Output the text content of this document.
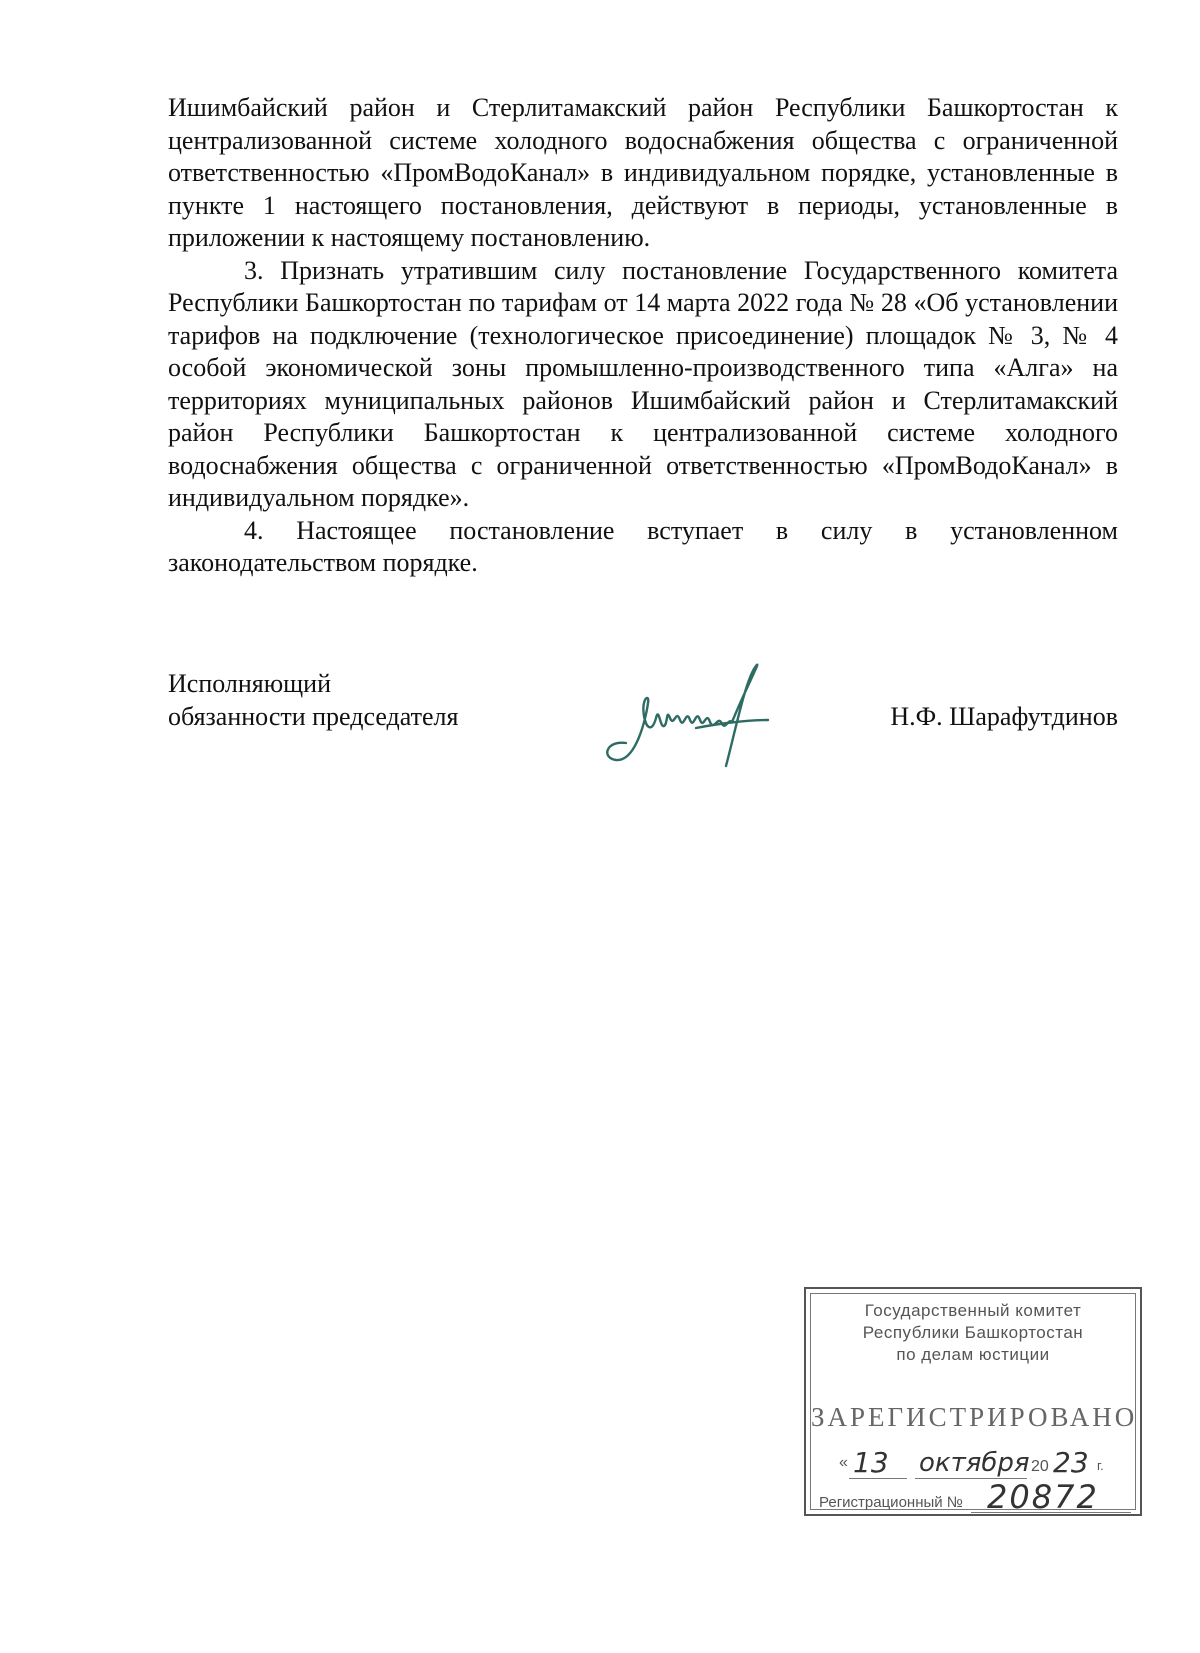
Ишимбайский район и Стерлитамакский район Республики Башкортостан к централизованной системе холодного водоснабжения общества с ограниченной ответственностью «ПромВодоКанал» в индивидуальном порядке, установленные в пункте 1 настоящего постановления, действуют в периоды, установленные в приложении к настоящему постановлению.

3. Признать утратившим силу постановление Государственного комитета Республики Башкортостан по тарифам от 14 марта 2022 года № 28 «Об установлении тарифов на подключение (технологическое присоединение) площадок № 3, № 4 особой экономической зоны промышленно-производственного типа «Алга» на территориях муниципальных районов Ишимбайский район и Стерлитамакский район Республики Башкортостан к централизованной системе холодного водоснабжения общества с ограниченной ответственностью «ПромВодоКанал» в индивидуальном порядке».

4. Настоящее постановление вступает в силу в установленном законодательством порядке.

Исполняющий
обязанности председателя	Н.Ф. Шарафутдинов
Государственный комитет
Республики Башкортостан
по делам юстиции
ЗАРЕГИСТРИРОВАНО
« 13 октября 20 23 г.
Регистрационный № 20872
